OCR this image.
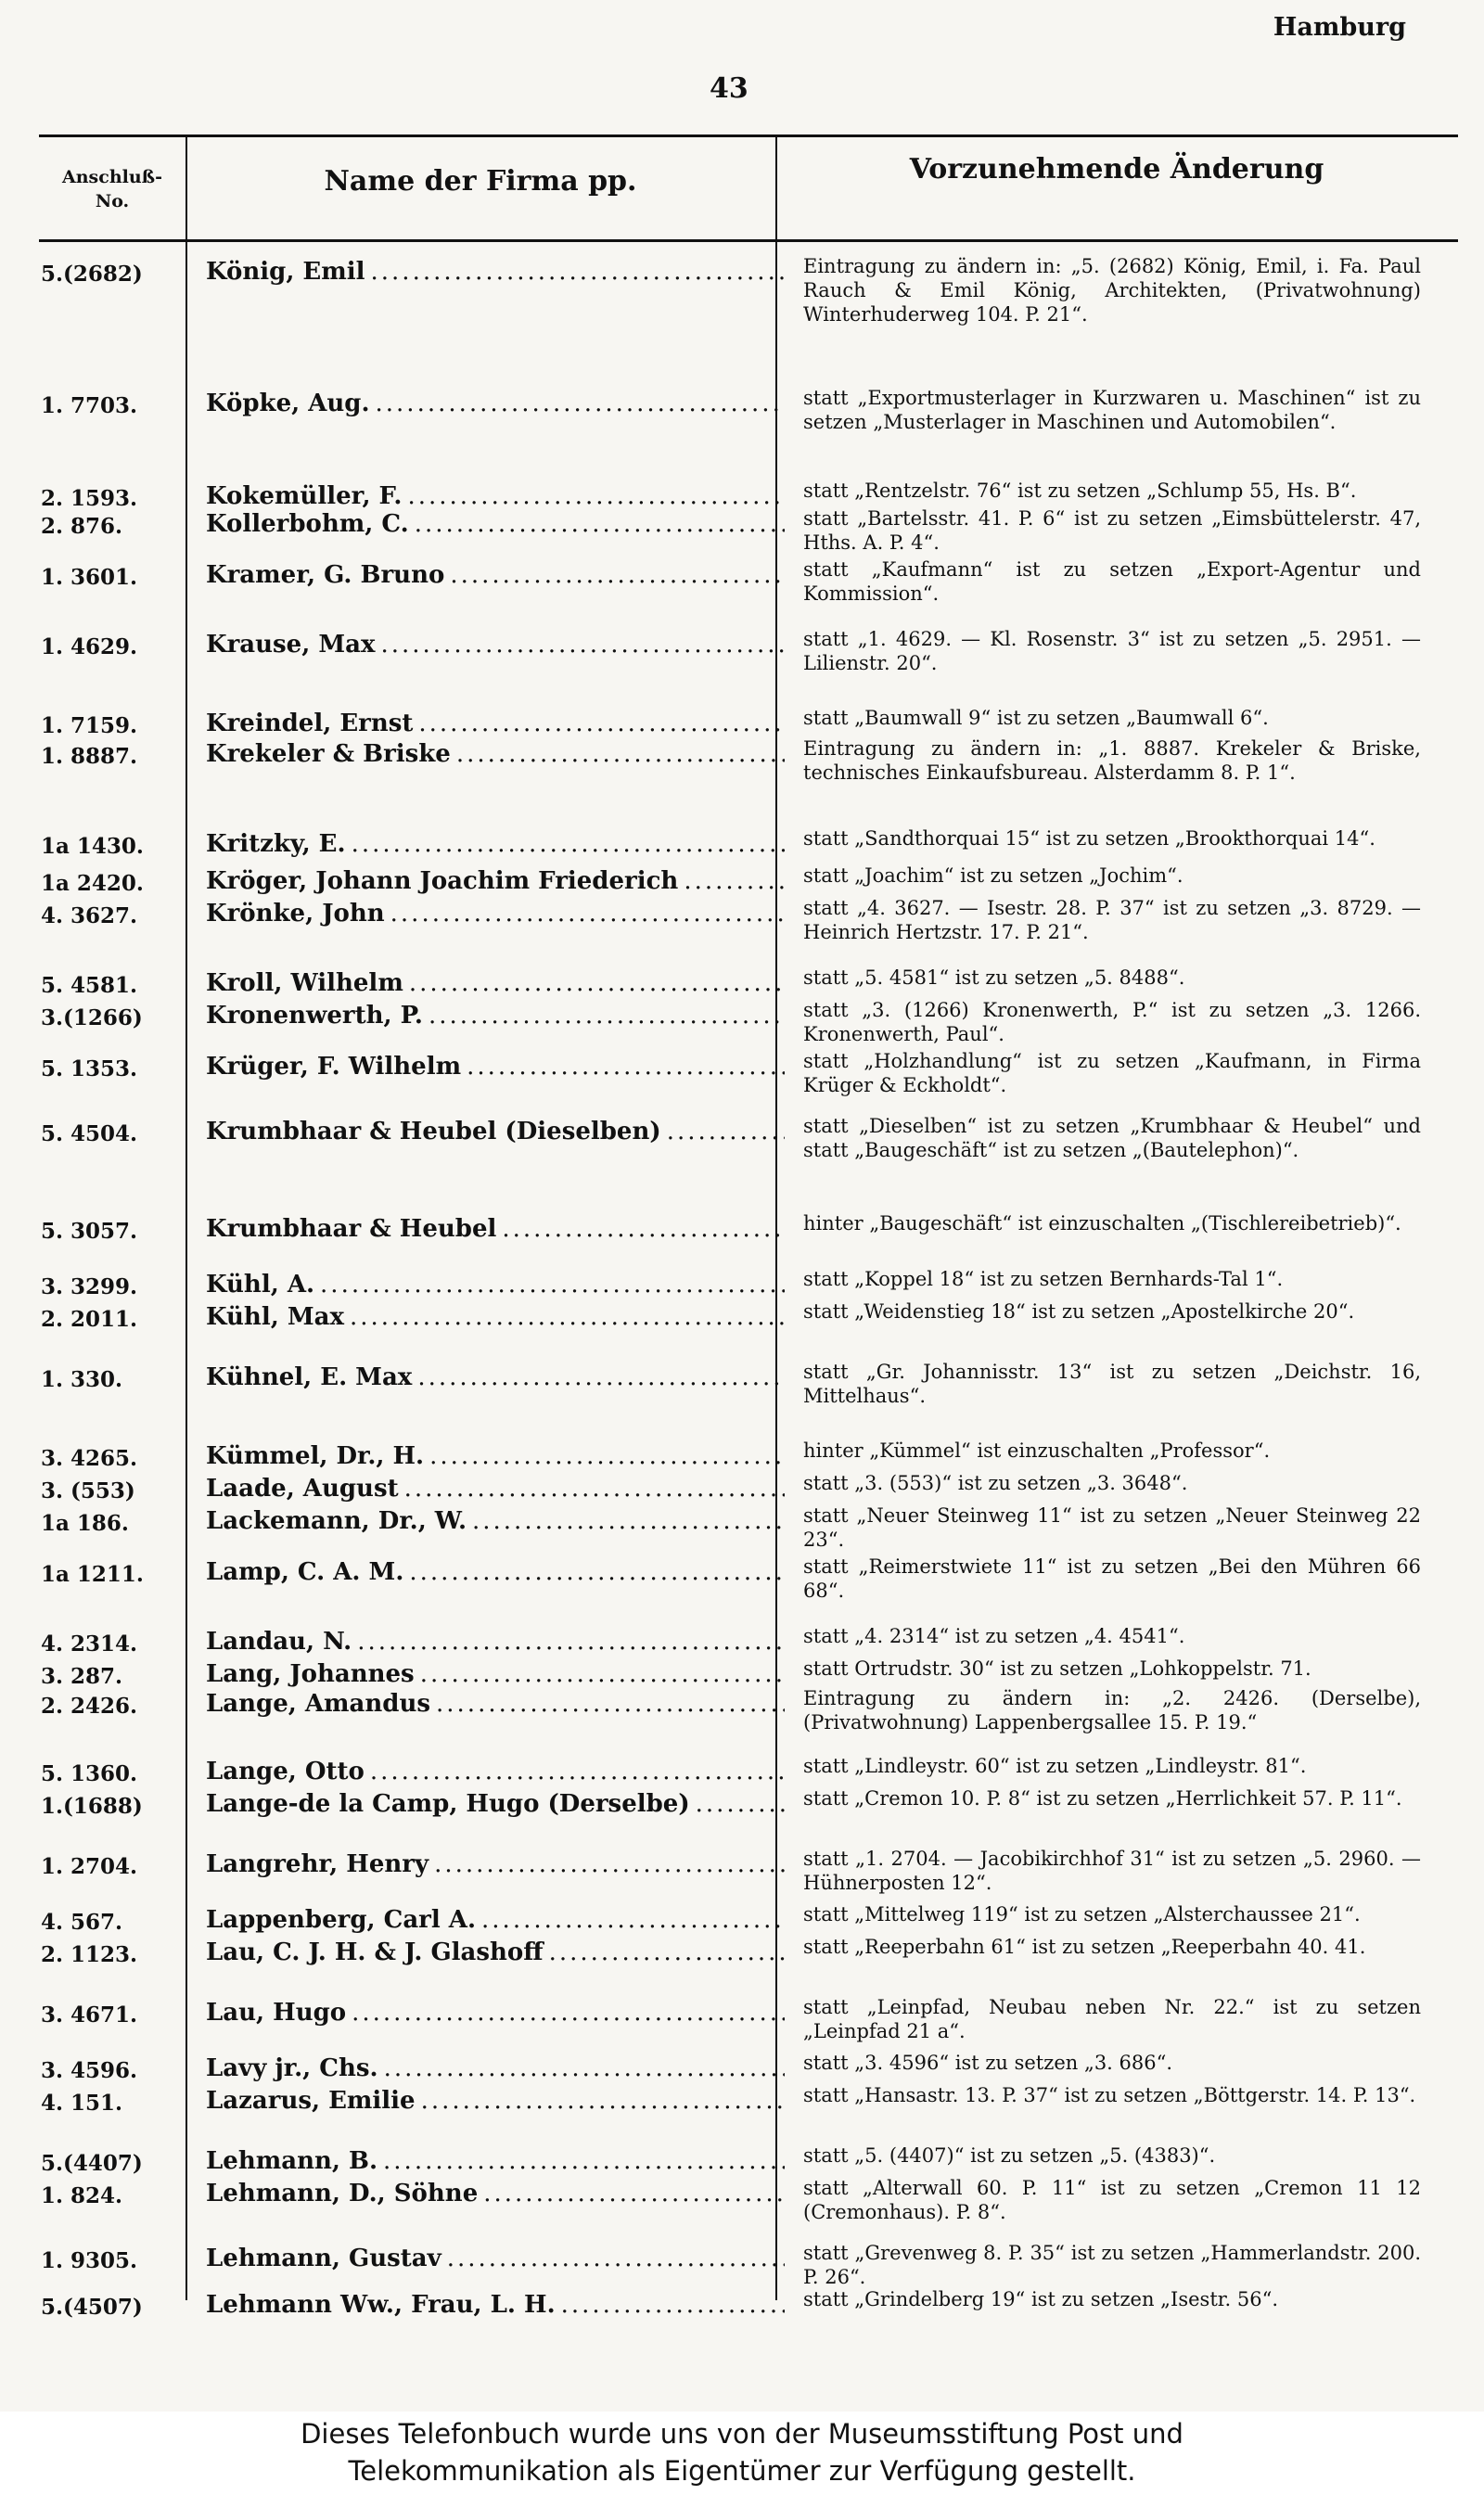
Hamburg
43
Anschluß-
No.
Name der Firma pp.	Vorzunehmende Änderung
5.(2682)	König, Emil .....	Eintragung zu ändern in: „5. (2682) König, Emil, i. Fa. Paul Rauch & Emil König, Architekten, (Privatwohnung) Winterhuderweg 104. P. 21“.
1. 7703.	Köpke, Aug. .....	statt „Exportmusterlager in Kurzwaren u. Maschinen“ ist zu setzen „Musterlager in Maschinen und Automobilen“.
2. 1593.	Kokemüller, F. .....	statt „Rentzelstr. 76“ ist zu setzen „Schlump 55, Hs. B“.
2. 876.	Kollerbohm, C. .....	statt „Bartelsstr. 41. P. 6“ ist zu setzen „Eimsbüttelerstr. 47, Hths. A. P. 4“.
1. 3601.	Kramer, G. Bruno .....	statt „Kaufmann“ ist zu setzen „Export-Agentur und Kommission“.
1. 4629.	Krause, Max .....	statt „1. 4629. — Kl. Rosenstr. 3“ ist zu setzen „5. 2951. — Lilienstr. 20“.
1. 7159.	Kreindel, Ernst .....	statt „Baumwall 9“ ist zu setzen „Baumwall 6“.
1. 8887.	Krekeler & Briske .....	Eintragung zu ändern in: „1. 8887. Krekeler & Briske, technisches Einkaufsbureau. Alsterdamm 8. P. 1“.
1a 1430.	Kritzky, E. .....	statt „Sandthorquai 15“ ist zu setzen „Brookthorquai 14“.
1a 2420.	Kröger, Johann Joachim Friederich .....	statt „Joachim“ ist zu setzen „Jochim“.
4. 3627.	Krönke, John .....	statt „4. 3627. — Isestr. 28. P. 37“ ist zu setzen „3. 8729. — Heinrich Hertzstr. 17. P. 21“.
5. 4581.	Kroll, Wilhelm .....	statt „5. 4581“ ist zu setzen „5. 8488“.
3.(1266)	Kronenwerth, P. .....	statt „3. (1266) Kronenwerth, P.“ ist zu setzen „3. 1266. Kronenwerth, Paul“.
5. 1353.	Krüger, F. Wilhelm .....	statt „Holzhandlung“ ist zu setzen „Kaufmann, in Firma Krüger & Eckholdt“.
5. 4504.	Krumbhaar & Heubel (Dieselben) .....	statt „Dieselben“ ist zu setzen „Krumbhaar & Heubel“ und statt „Baugeschäft“ ist zu setzen „(Bautelephon)“.
5. 3057.	Krumbhaar & Heubel .....	hinter „Baugeschäft“ ist einzuschalten „(Tischlereibetrieb)“.
3. 3299.	Kühl, A. .....	statt „Koppel 18“ ist zu setzen Bernhards-Tal 1“.
2. 2011.	Kühl, Max .....	statt „Weidenstieg 18“ ist zu setzen „Apostelkirche 20“.
1. 330.	Kühnel, E. Max .....	statt „Gr. Johannisstr. 13“ ist zu setzen „Deichstr. 16, Mittelhaus“.
3. 4265.	Kümmel, Dr., H. .....	hinter „Kümmel“ ist einzuschalten „Professor“.
3. (553)	Laade, August .....	statt „3. (553)“ ist zu setzen „3. 3648“.
1a 186.	Lackemann, Dr., W. .....	statt „Neuer Steinweg 11“ ist zu setzen „Neuer Steinweg 22 23“.
1a 1211.	Lamp, C. A. M. .....	statt „Reimerstwiete 11“ ist zu setzen „Bei den Mühren 66 68“.
4. 2314.	Landau, N. .....	statt „4. 2314“ ist zu setzen „4. 4541“.
3. 287.	Lang, Johannes .....	statt Ortrudstr. 30“ ist zu setzen „Lohkoppelstr. 71.
2. 2426.	Lange, Amandus .....	Eintragung zu ändern in: „2. 2426. (Derselbe), (Privatwohnung) Lappenbergsallee 15. P. 19.“
5. 1360.	Lange, Otto .....	statt „Lindleystr. 60“ ist zu setzen „Lindleystr. 81“.
1.(1688)	Lange-de la Camp, Hugo (Derselbe) .....	statt „Cremon 10. P. 8“ ist zu setzen „Herrlichkeit 57. P. 11“.
1. 2704.	Langrehr, Henry .....	statt „1. 2704. — Jacobikirchhof 31“ ist zu setzen „5. 2960. — Hühnerposten 12“.
4. 567.	Lappenberg, Carl A. .....	statt „Mittelweg 119“ ist zu setzen „Alsterchaussee 21“.
2. 1123.	Lau, C. J. H. & J. Glashoff .....	statt „Reeperbahn 61“ ist zu setzen „Reeperbahn 40. 41.
3. 4671.	Lau, Hugo .....	statt „Leinpfad, Neubau neben Nr. 22.“ ist zu setzen „Leinpfad 21 a“.
3. 4596.	Lavy jr., Chs. .....	statt „3. 4596“ ist zu setzen „3. 686“.
4. 151.	Lazarus, Emilie .....	statt „Hansastr. 13. P. 37“ ist zu setzen „Böttgerstr. 14. P. 13“.
5.(4407)	Lehmann, B. .....	statt „5. (4407)“ ist zu setzen „5. (4383)“.
1. 824.	Lehmann, D., Söhne .....	statt „Alterwall 60. P. 11“ ist zu setzen „Cremon 11 12 (Cremonhaus). P. 8“.
1. 9305.	Lehmann, Gustav .....	statt „Grevenweg 8. P. 35“ ist zu setzen „Hammerlandstr. 200. P. 26“.
5.(4507)	Lehmann Ww., Frau, L. H. .....	statt „Grindelberg 19“ ist zu setzen „Isestr. 56“.
Dieses Telefonbuch wurde uns von der Museumsstiftung Post und
Telekommunikation als Eigentümer zur Verfügung gestellt.
